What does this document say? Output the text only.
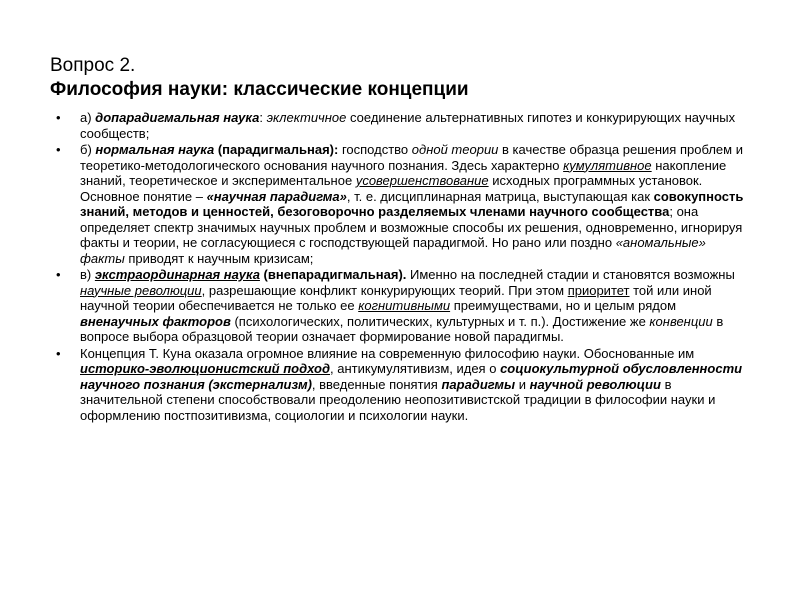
Вопрос 2.

Философия науки: классические концепции

• а) допарадигмальная наука: эклектичное соединение альтернативных гипотез и конкурирующих научных сообществ;
• б) нормальная наука (парадигмальная): господство одной теории в качестве образца решения проблем и теоретико-методологического основания научного познания. Здесь характерно кумулятивное накопление знаний, теоретическое и экспериментальное усовершенствование исходных программных установок. Основное понятие – «научная парадигма», т. е. дисциплинарная матрица, выступающая как совокупность знаний, методов и ценностей, безоговорочно разделяемых членами научного сообщества; она определяет спектр значимых научных проблем и возможные способы их решения, одновременно, игнорируя факты и теории, не согласующиеся с господствующей парадигмой. Но рано или поздно «аномальные» факты приводят к научным кризисам;
• в) экстраординарная наука (внепарадигмальная). Именно на последней стадии и становятся возможны научные революции, разрешающие конфликт конкурирующих теорий. При этом приоритет той или иной научной теории обеспечивается не только ее когнитивными преимуществами, но и целым рядом вненаучных факторов (психологических, политических, культурных и т. п.). Достижение же конвенции в вопросе выбора образцовой теории означает формирование новой парадигмы.
• Концепция Т. Куна оказала огромное влияние на современную философию науки. Обоснованные им историко-эволюционистский подход, антикумулятивизм, идея о социокультурной обусловленности научного познания (экстернализм), введенные понятия парадигмы и научной революции в значительной степени способствовали преодолению неопозитивистской традиции в философии науки и оформлению постпозитивизма, социологии и психологии науки.
